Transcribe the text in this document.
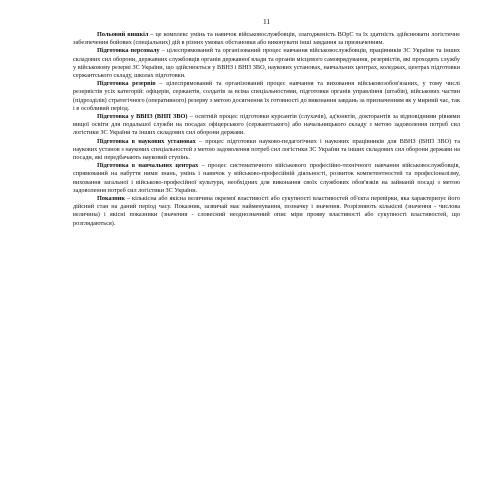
11

Польовий вишкіл – це комплекс умінь та навичок військовослужбовців, злагодженість ВОрС та їх здатність здійснювати логістичне забезпечення бойових (спеціальних) дій в різних умовах обстановки або виконувати інші завдання за призначенням.

Підготовка персоналу – цілеспрямований та організований процес навчання військовослужбовців, працівників ЗС України та інших складових сил оборони, державних службовців органів державної влади та органів місцевого самоврядування, резервістів, які проходять службу у військовому резерві ЗС України, що здійснюється у ВВНЗ і ВНП ЗВО, наукових установах, навчальних центрах, коледжах, центрах підготовки сержантського складу, школах підготовки.

Підготовка резервів – цілеспрямований та організований процес навчання та виховання військовозобов'язаних, у тому числі резервістів усіх категорій: офіцерів, сержантів, солдатів за всіма спеціальностями, підготовки органів управління (штабів), військових частин (підрозділів) стратегічного (оперативного) резерву з метою досягнення їх готовності до виконання завдань за призначенням як у мирний час, так і в особливий період.

Підготовка у ВВНЗ (ВНП ЗВО) – освітній процес підготовки курсантів (слухачів), ад'юнктів, докторантів за відповідними рівнями вищої освіти для подальшої служби на посадах офіцерського (сержантського) або начальницького складу з метою задоволення потреб сил логістики ЗС України та інших складових сил оборони держави.

Підготовка в наукових установах – процес підготовки науково-педагогічних і наукових працівників для ВВНЗ (ВНП ЗВО) та наукових установ з наукових спеціальностей з метою задоволення потреб сил логістики ЗС України та інших складових сил оборони держави на посади, які передбачають науковий ступінь.

Підготовка в навчальних центрах – процес систематичного військового професійно-технічного навчання військовослужбовців, спрямований на набуття ними знань, умінь і навичок у військово-професійній діяльності, розвиток компетентностей та професіоналізму, виховання загальної і військово-професійної культури, необхідних для виконання своїх службових обов'язків на займаній посаді з метою задоволення потреб сил логістики ЗС України.

Показник – кількісна або якісна величина окремої властивості або сукупності властивостей об'єкта перевірки, яка характеризує його дійсний стан на даний період часу. Показник, зазвичай має найменування, позначку і значення. Розрізняють кількісні (значення - числова величина) і якісні показники (значення - словесний неоднозначний опис міри прояву властивості або сукупності властивостей, що розглядаються).
